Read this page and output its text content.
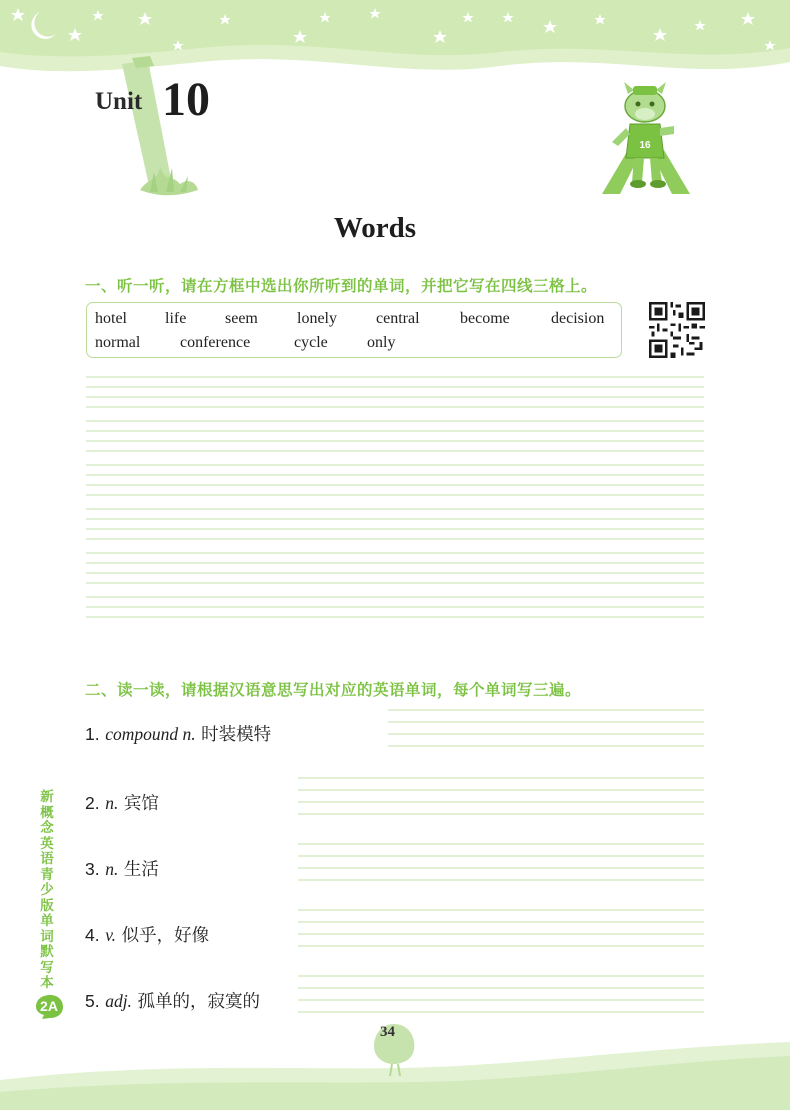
Unit 10
16
Words
一、听一听，请在方框中选出你所听到的单词，并把它写在四线三格上。
hotel life seem lonely central	become	decision
normal conference	cycle only
二、读一读，请根据汉语意思写出对应的英语单词，每个单词写三遍。
1. compound n. 时装模特
2. n. 宾馆
3. n. 生活
4. v. 似乎，好像
5. adj. 孤单的，寂寞的
新概念英语青少版单词默写本
2A
34
